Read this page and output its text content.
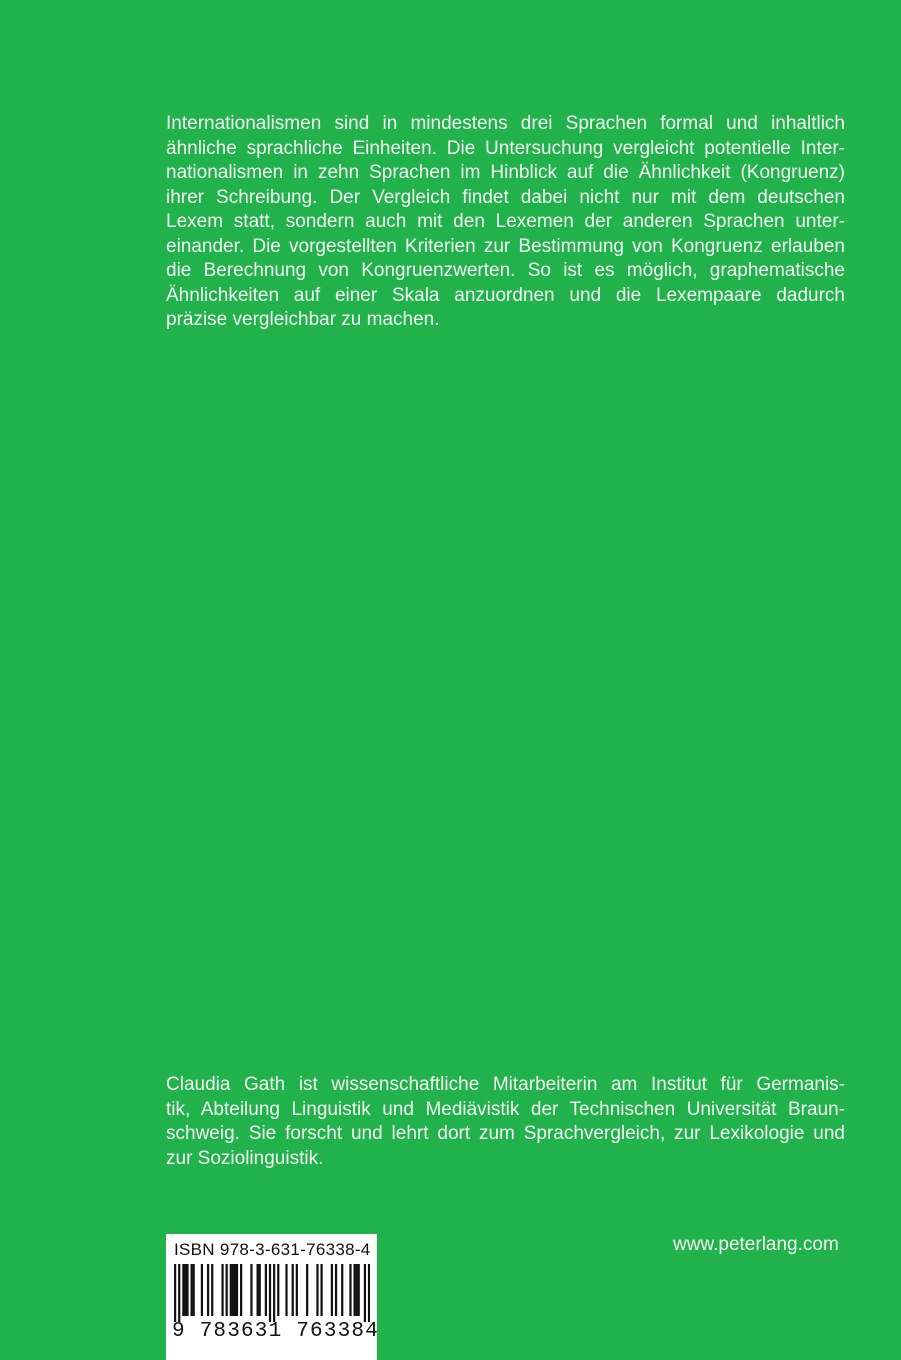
Internationalismen sind in mindestens drei Sprachen formal und inhaltlich
ähnliche sprachliche Einheiten. Die Untersuchung vergleicht potentielle Inter-
nationalismen in zehn Sprachen im Hinblick auf die Ähnlichkeit (Kongruenz)
ihrer Schreibung. Der Vergleich findet dabei nicht nur mit dem deutschen
Lexem statt, sondern auch mit den Lexemen der anderen Sprachen unter-
einander. Die vorgestellten Kriterien zur Bestimmung von Kongruenz erlauben
die Berechnung von Kongruenzwerten. So ist es möglich, graphematische
Ähnlichkeiten auf einer Skala anzuordnen und die Lexempaare dadurch
präzise vergleichbar zu machen.
Claudia Gath ist wissenschaftliche Mitarbeiterin am Institut für Germanis-
tik, Abteilung Linguistik und Mediävistik der Technischen Universität Braun-
schweig. Sie forscht und lehrt dort zum Sprachvergleich, zur Lexikologie und
zur Soziolinguistik.
ISBN 978-3-631-76338-4
9 783631 763384
www.peterlang.com
